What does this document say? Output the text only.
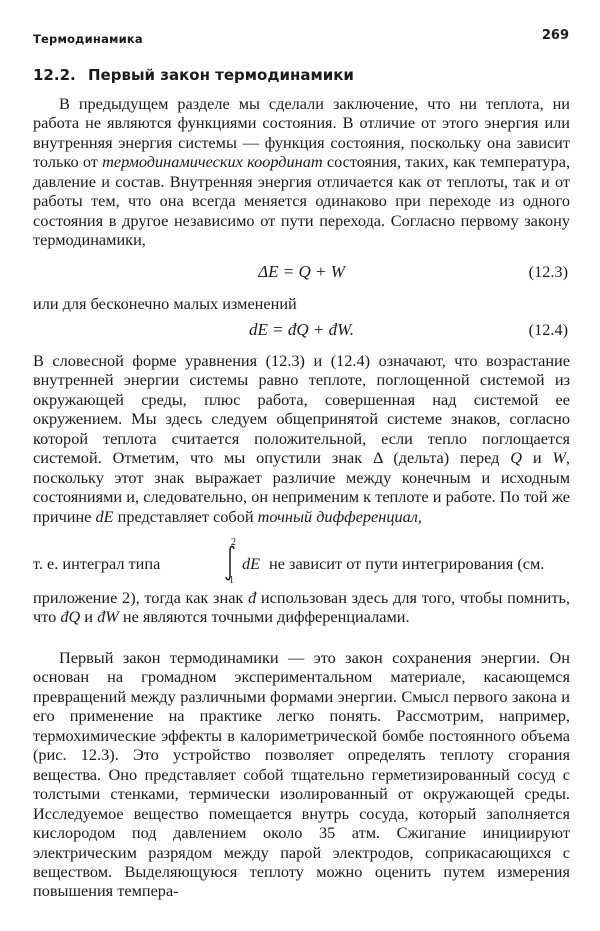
Термодинамика	269
12.2. Первый закон термодинамики

В предыдущем разделе мы сделали заключение, что ни теплота, ни работа не являются функциями состояния. В отличие от этого энергия или внутренняя энергия системы — функция состояния, поскольку она зависит только от термодинамических координат состояния, таких, как температура, давление и состав. Внутренняя энергия отличается как от теплоты, так и от работы тем, что она всегда меняется одинаково при переходе из одного состояния в другое независимо от пути перехода. Согласно первому закону термодинамики,

ΔE = Q + W	(12.3)

или для бесконечно малых изменений

dE = đQ + đW.	(12.4)

В словесной форме уравнения (12.3) и (12.4) означают, что возрастание внутренней энергии системы равно теплоте, поглощенной системой из окружающей среды, плюс работа, совершенная над системой ее окружением. Мы здесь следуем общепринятой системе знаков, согласно которой теплота считается положительной, если тепло поглощается системой. Отметим, что мы опустили знак Δ (дельта) перед Q и W, поскольку этот знак выражает различие между конечным и исходным состояниями и, следовательно, он неприменим к теплоте и работе. По той же причине dE представляет собой точный дифференциал,

т. е. интеграл типа
2
1
dE не зависит от пути интегрирования (см.

приложение 2), тогда как знак đ использован здесь для того, чтобы помнить, что đQ и đW не являются точными дифференциалами.

Первый закон термодинамики — это закон сохранения энергии. Он основан на громадном экспериментальном материале, касающемся превращений между различными формами энергии. Смысл первого закона и его применение на практике легко понять. Рассмотрим, например, термохимические эффекты в калориметрической бомбе постоянного объема (рис. 12.3). Это устройство позволяет определять теплоту сгорания вещества. Оно представляет собой тщательно герметизированный сосуд с толстыми стенками, термически изолированный от окружающей среды. Исследуемое вещество помещается внутрь сосуда, который заполняется кислородом под давлением около 35 атм. Сжигание инициируют электрическим разрядом между парой электродов, соприкасающихся с веществом. Выделяющуюся теплоту можно оценить путем измерения повышения темпера-
